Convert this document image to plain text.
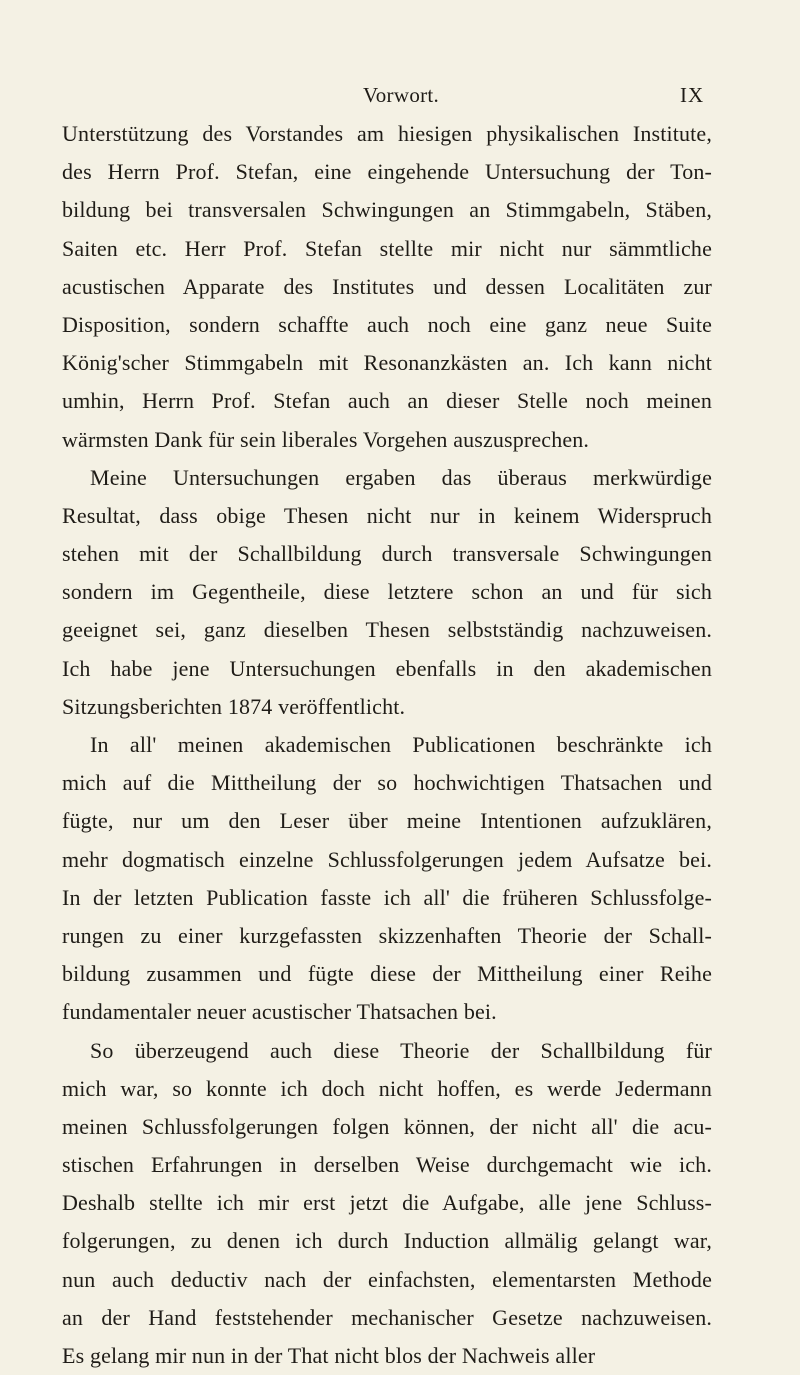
Vorwort.	IX
Unterstützung des Vorstandes am hiesigen physikalischen Institute,
des Herrn Prof. Stefan, eine eingehende Untersuchung der Ton-
bildung bei transversalen Schwingungen an Stimmgabeln, Stäben,
Saiten etc. Herr Prof. Stefan stellte mir nicht nur sämmtliche
acustischen Apparate des Institutes und dessen Localitäten zur
Disposition, sondern schaffte auch noch eine ganz neue Suite
König'scher Stimmgabeln mit Resonanzkästen an. Ich kann nicht
umhin, Herrn Prof. Stefan auch an dieser Stelle noch meinen
wärmsten Dank für sein liberales Vorgehen auszusprechen.
Meine Untersuchungen ergaben das überaus merkwürdige
Resultat, dass obige Thesen nicht nur in keinem Widerspruch
stehen mit der Schallbildung durch transversale Schwingungen
sondern im Gegentheile, diese letztere schon an und für sich
geeignet sei, ganz dieselben Thesen selbstständig nachzuweisen.
Ich habe jene Untersuchungen ebenfalls in den akademischen
Sitzungsberichten 1874 veröffentlicht.
In all' meinen akademischen Publicationen beschränkte ich
mich auf die Mittheilung der so hochwichtigen Thatsachen und
fügte, nur um den Leser über meine Intentionen aufzuklären,
mehr dogmatisch einzelne Schlussfolgerungen jedem Aufsatze bei.
In der letzten Publication fasste ich all' die früheren Schlussfolge-
rungen zu einer kurzgefassten skizzenhaften Theorie der Schall-
bildung zusammen und fügte diese der Mittheilung einer Reihe
fundamentaler neuer acustischer Thatsachen bei.
So überzeugend auch diese Theorie der Schallbildung für
mich war, so konnte ich doch nicht hoffen, es werde Jedermann
meinen Schlussfolgerungen folgen können, der nicht all' die acu-
stischen Erfahrungen in derselben Weise durchgemacht wie ich.
Deshalb stellte ich mir erst jetzt die Aufgabe, alle jene Schluss-
folgerungen, zu denen ich durch Induction allmälig gelangt war,
nun auch deductiv nach der einfachsten, elementarsten Methode
an der Hand feststehender mechanischer Gesetze nachzuweisen.
Es gelang mir nun in der That nicht blos der Nachweis aller
